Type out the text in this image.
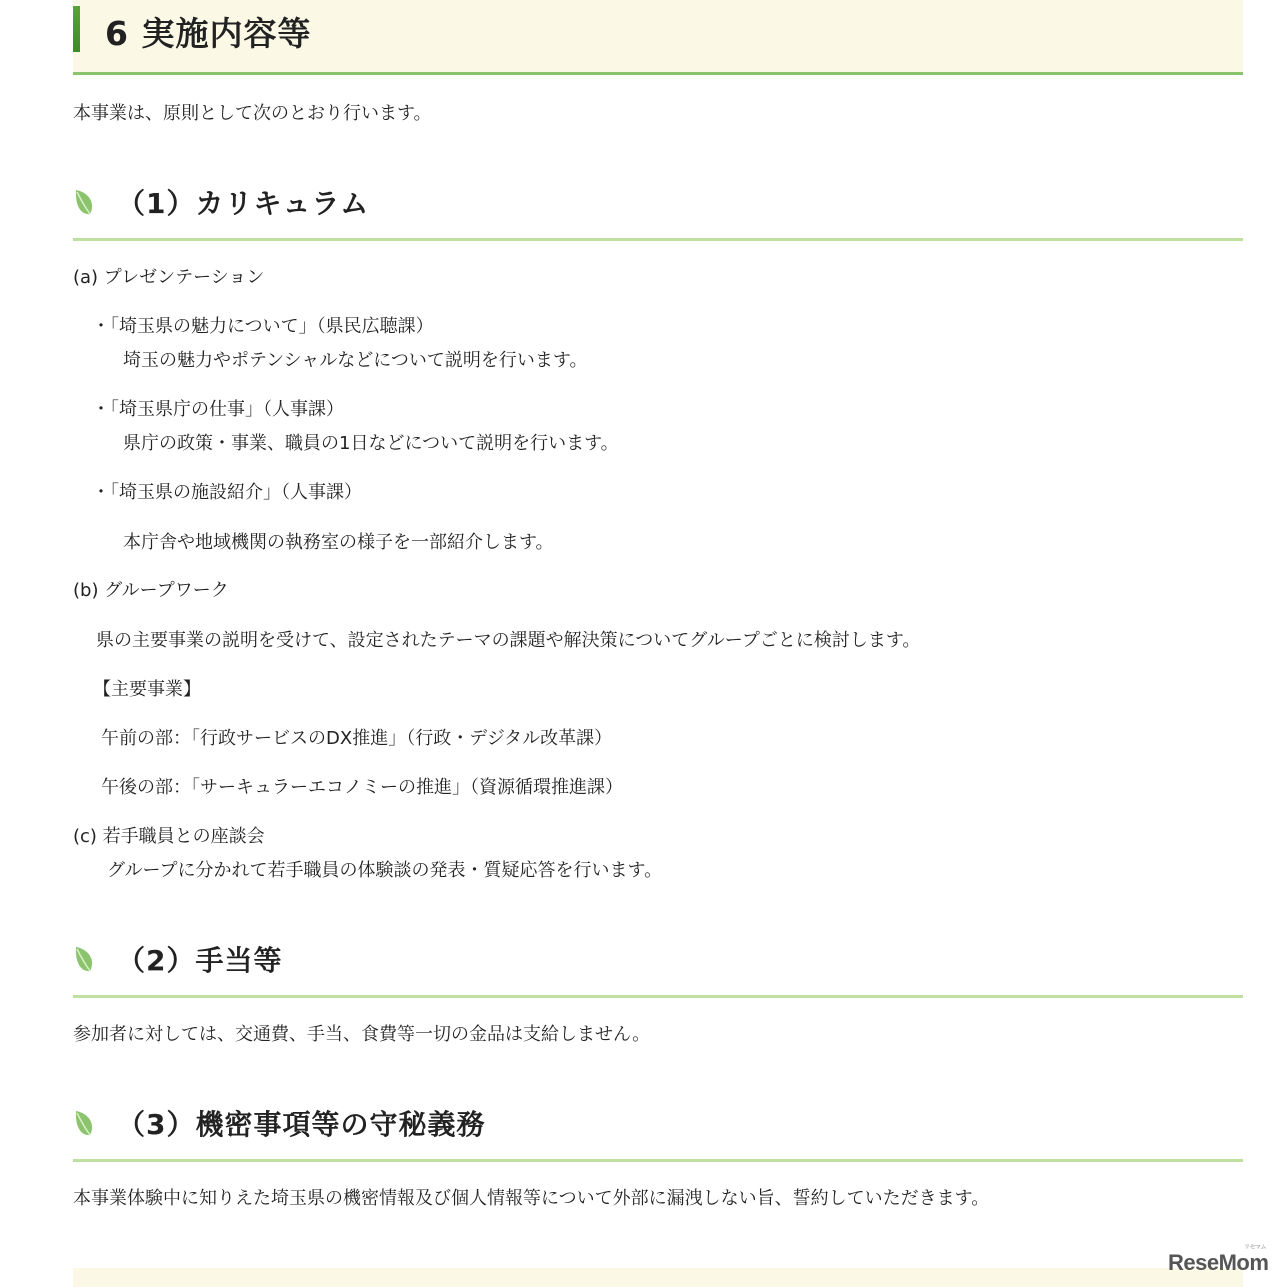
6 実施内容等
本事業は、原則として次のとおり行います。
（1）カリキュラム
(a) プレゼンテーション
・「埼玉県の魅力について」（県民広聴課）
埼玉の魅力やポテンシャルなどについて説明を行います。
・「埼玉県庁の仕事」（人事課）
県庁の政策・事業、職員の1日などについて説明を行います。
・「埼玉県の施設紹介」（人事課）
本庁舎や地域機関の執務室の様子を一部紹介します。
(b) グループワーク
県の主要事業の説明を受けて、設定されたテーマの課題や解決策についてグループごとに検討します。
【主要事業】
午前の部：「行政サービスのDX推進」（行政・デジタル改革課）
午後の部：「サーキュラーエコノミーの推進」（資源循環推進課）
(c) 若手職員との座談会
グループに分かれて若手職員の体験談の発表・質疑応答を行います。
（2）手当等
参加者に対しては、交通費、手当、食費等一切の金品は支給しません。
（3）機密事項等の守秘義務
本事業体験中に知りえた埼玉県の機密情報及び個人情報等について外部に漏洩しない旨、誓約していただきます。
ReseMom
リセマム
